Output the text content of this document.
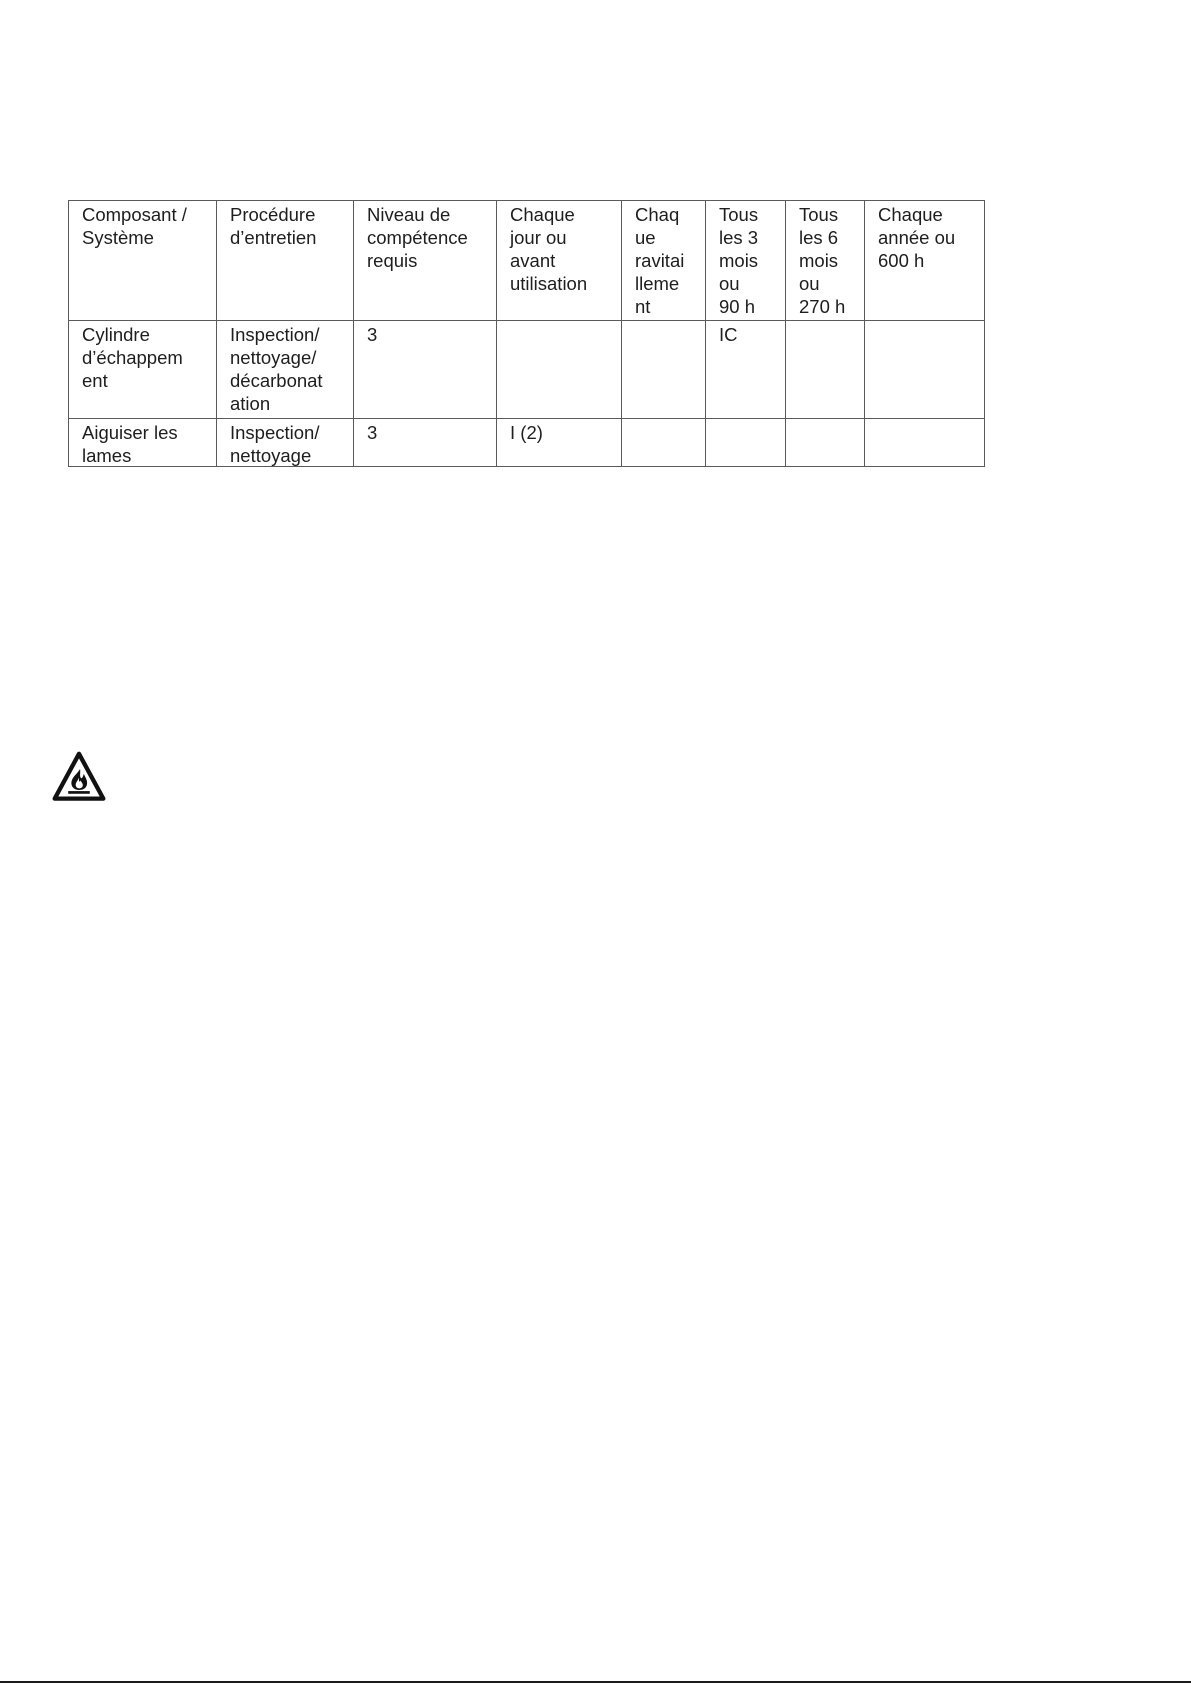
Composant /
Système
Procédure
d’entretien
Niveau de
compétence
requis
Chaque
jour ou
avant
utilisation
Chaq
ue
ravitai
lleme
nt
Tous
les 3
mois
ou
90 h
Tous
les 6
mois
ou
270 h
Chaque
année ou
600 h
Cylindre
d’échappem
ent
Inspection/
nettoyage/
décarbonat
ation
3	IC
Aiguiser les
lames
Inspection/
nettoyage
3	I (2)
